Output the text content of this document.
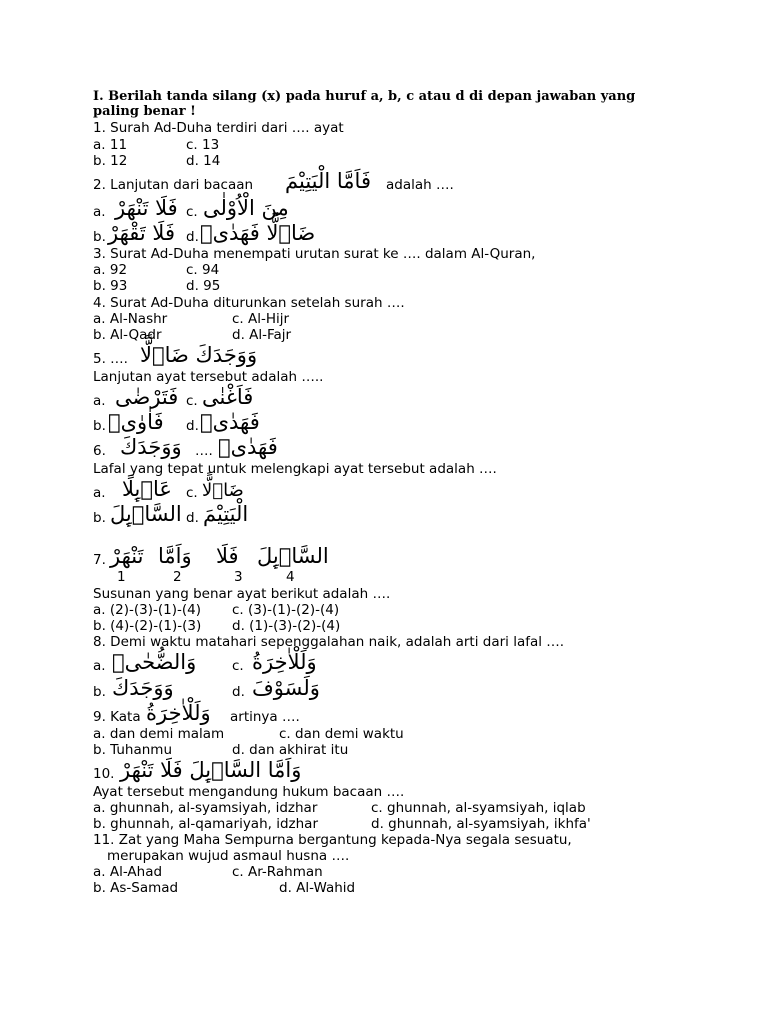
I. Berilah tanda silang (x) pada huruf a, b, c atau d di depan jawaban yang paling benar !
1. Surah Ad-Duha terdiri dari …. ayat
a. 11	c. 13
b. 12	d. 14
2. Lanjutan dari bacaan فَاَمَّا الْيَتِيْمَ adalah ….
a. فَلَا تَنْهَرْ c. مِنَ الْاُوْلٰى
b. فَلَا تَقْهَرْ d. ضَاۤلًّا فَهَدٰىۗ
3. Surat Ad-Duha menempati urutan surat ke …. dalam Al-Quran,
a. 92	c. 94
b. 93	d. 95
4. Surat Ad-Duha diturunkan setelah surah ….
a. Al-Nashr	c. Al-Hijr
b. Al-Qadr	d. Al-Fajr
5. …. وَوَجَدَكَ ضَاۤلًّا
Lanjutan ayat tersebut adalah …..
a. فَتَرْضٰى c. فَاَغْنٰى
b. فَاٰوٰىۗ d. فَهَدٰىۗ
6. وَوَجَدَكَ …. فَهَدٰىۗ
Lafal yang tepat untuk melengkapi ayat tersebut adalah ….
a. عَاۤىِٕلًا c. ضَاۤلًّا
b. السَّاۤىِٕلَ d. الْيَتِيْمَ
7. تَنْهَرْ وَاَمَّا فَلَا السَّاۤىِٕلَ
1	2	3	4
Susunan yang benar ayat berikut adalah ….
a. (2)-(3)-(1)-(4) c. (3)-(1)-(2)-(4)
b. (4)-(2)-(1)-(3) d. (1)-(3)-(2)-(4)
8. Demi waktu matahari sepenggalahan naik, adalah arti dari lafal ….
a. وَالضُّحٰىۙ	c. وَلَلْاٰخِرَةُ
b. وَوَجَدَكَ	d. وَلَسَوْفَ
9. Kata وَلَلْاٰخِرَةُ artinya ….
a. dan demi malam	c. dan demi waktu
b. Tuhanmu	d. dan akhirat itu
10. وَاَمَّا السَّاۤىِٕلَ فَلَا تَنْهَرْ
Ayat tersebut mengandung hukum bacaan ….
a. ghunnah, al-syamsiyah, idzhar	c. ghunnah, al-syamsiyah, iqlab
b. ghunnah, al-qamariyah, idzhar	d. ghunnah, al-syamsiyah, ikhfa'
11. Zat yang Maha Sempurna bergantung kepada-Nya segala sesuatu,
merupakan wujud asmaul husna ….
a. Al-Ahad	c. Ar-Rahman
b. As-Samad	d. Al-Wahid
